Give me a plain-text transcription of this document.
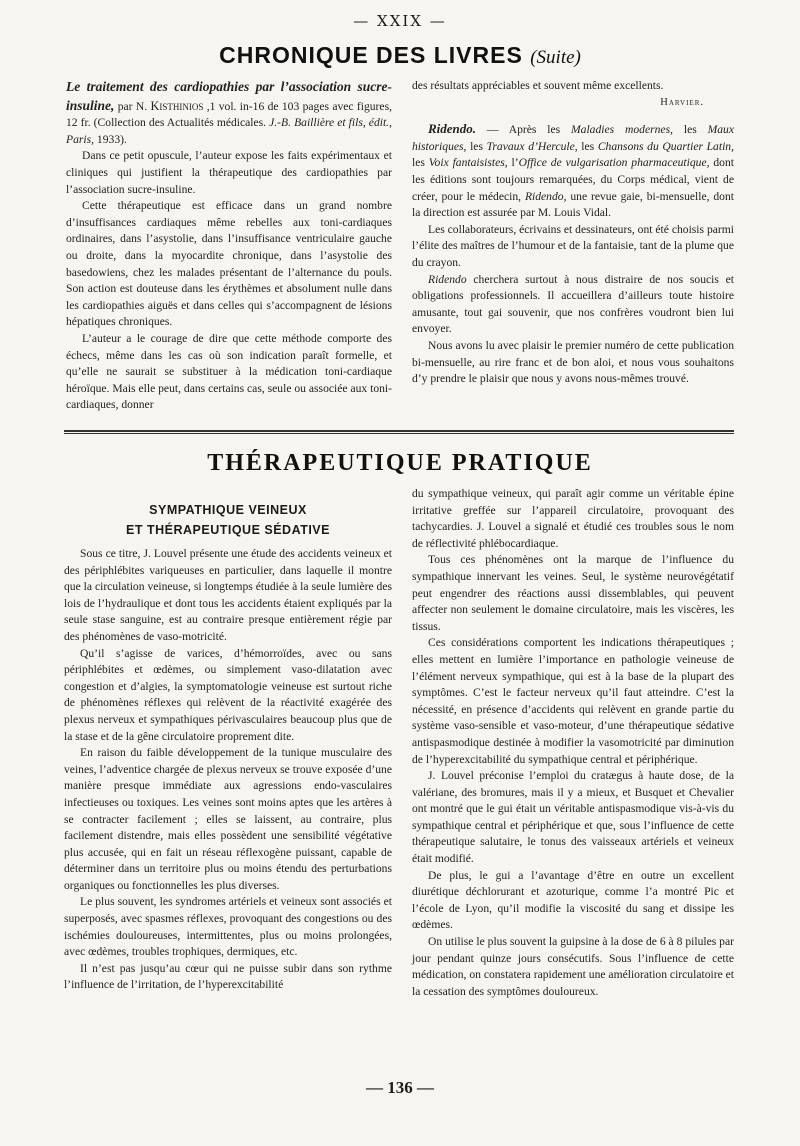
— XXIX —
CHRONIQUE DES LIVRES (Suite)

Le traitement des cardiopathies par l’association sucre-insuline, par N. Kisthinios ,1 vol. in-16 de 103 pages avec figures, 12 fr. (Collection des Actualités médicales. J.-B. Baillière et fils, édit., Paris, 1933).

Dans ce petit opuscule, l’auteur expose les faits expérimentaux et cliniques qui justifient la thérapeutique des cardiopathies par l’association sucre-insuline.

Cette thérapeutique est efficace dans un grand nombre d’insuffisances cardiaques même rebelles aux toni-cardiaques ordinaires, dans l’asystolie, dans l’insuffisance ventriculaire gauche ou droite, dans la myocardite chronique, dans l’asystolie des basedowiens, chez les malades présentant de l’alternance du pouls. Son action est douteuse dans les érythèmes et absolument nulle dans les cardiopathies aiguës et dans celles qui s’accompagnent de lésions hépatiques chroniques.

L’auteur a le courage de dire que cette méthode comporte des échecs, même dans les cas où son indication paraît formelle, et qu’elle ne saurait se substituer à la médication toni-cardiaque héroïque. Mais elle peut, dans certains cas, seule ou associée aux toni-cardiaques, donner

des résultats appréciables et souvent même excellents.

Harvier.

Ridendo. — Après les Maladies modernes, les Maux historiques, les Travaux d’Hercule, les Chansons du Quartier Latin, les Voix fantaisistes, l’Office de vulgarisation pharmaceutique, dont les éditions sont toujours remarquées, du Corps médical, vient de créer, pour le médecin, Ridendo, une revue gaie, bi-mensuelle, dont la direction est assurée par M. Louis Vidal.

Les collaborateurs, écrivains et dessinateurs, ont été choisis parmi l’élite des maîtres de l’humour et de la fantaisie, tant de la plume que du crayon.

Ridendo cherchera surtout à nous distraire de nos soucis et obligations professionnels. Il accueillera d’ailleurs toute histoire amusante, tout gai souvenir, que nos confrères voudront bien lui envoyer.

Nous avons lu avec plaisir le premier numéro de cette publication bi-mensuelle, au rire franc et de bon aloi, et nous vous souhaitons d’y prendre le plaisir que nous y avons nous-mêmes trouvé.

THÉRAPEUTIQUE PRATIQUE
SYMPATHIQUE VEINEUX
ET THÉRAPEUTIQUE SÉDATIVE

Sous ce titre, J. Louvel présente une étude des accidents veineux et des périphlébites variqueuses en particulier, dans laquelle il montre que la circulation veineuse, si longtemps étudiée à la seule lumière des lois de l’hydraulique et dont tous les accidents étaient expliqués par la seule stase sanguine, est au contraire presque entièrement régie par des phénomènes de vaso-motricité.

Qu’il s’agisse de varices, d’hémorroïdes, avec ou sans périphlébites et œdèmes, ou simplement vaso-dilatation avec congestion et d’algies, la symptomatologie veineuse est surtout riche de phénomènes réflexes qui relèvent de la réactivité exagérée des plexus nerveux et sympathiques périvasculaires beaucoup plus que de la stase et de la gêne circulatoire proprement dite.

En raison du faible développement de la tunique musculaire des veines, l’adventice chargée de plexus nerveux se trouve exposée d’une manière presque immédiate aux agressions endo-vasculaires infectieuses ou toxiques. Les veines sont moins aptes que les artères à se contracter facilement ; elles se laissent, au contraire, plus facilement distendre, mais elles possèdent une sensibilité végétative plus accusée, qui en fait un réseau réflexogène puissant, capable de déterminer dans un territoire plus ou moins étendu des perturbations organiques ou fonctionnelles les plus diverses.

Le plus souvent, les syndromes artériels et veineux sont associés et superposés, avec spasmes réflexes, provoquant des congestions ou des ischémies douloureuses, intermittentes, plus ou moins prolongées, avec œdèmes, troubles trophiques, dermiques, etc.

Il n’est pas jusqu’au cœur qui ne puisse subir dans son rythme l’influence de l’irritation, de l’hyperexcitabilité

du sympathique veineux, qui paraît agir comme un véritable épine irritative greffée sur l’appareil circulatoire, provoquant des tachycardies. J. Louvel a signalé et étudié ces troubles sous le nom de réflectivité phlébocardiaque.

Tous ces phénomènes ont la marque de l’influence du sympathique innervant les veines. Seul, le système neurovégétatif peut engendrer des réactions aussi dissemblables, qui peuvent affecter non seulement le domaine circulatoire, mais les viscères, les tissus.

Ces considérations comportent les indications thérapeutiques ; elles mettent en lumière l’importance en pathologie veineuse de l’élément nerveux sympathique, qui est à la base de la plupart des symptômes. C’est le facteur nerveux qu’il faut atteindre. C’est la nécessité, en présence d’accidents qui relèvent en grande partie du système vaso-sensible et vaso-moteur, d’une thérapeutique sédative antispasmodique destinée à modifier la vasomotricité par diminution de l’hyperexcitabilité du sympathique central et périphérique.

J. Louvel préconise l’emploi du cratægus à haute dose, de la valériane, des bromures, mais il y a mieux, et Busquet et Chevalier ont montré que le gui était un véritable antispasmodique vis-à-vis du sympathique central et périphérique et que, sous l’influence de cette thérapeutique salutaire, le tonus des vaisseaux artériels et veineux était modifié.

De plus, le gui a l’avantage d’être en outre un excellent diurétique déchlorurant et azoturique, comme l’a montré Pic et l’école de Lyon, qu’il modifie la viscosité du sang et dissipe les œdèmes.

On utilise le plus souvent la guipsine à la dose de 6 à 8 pilules par jour pendant quinze jours consécutifs. Sous l’influence de cette médication, on constatera rapidement une amélioration circulatoire et la cessation des symptômes douloureux.

— 136 —
